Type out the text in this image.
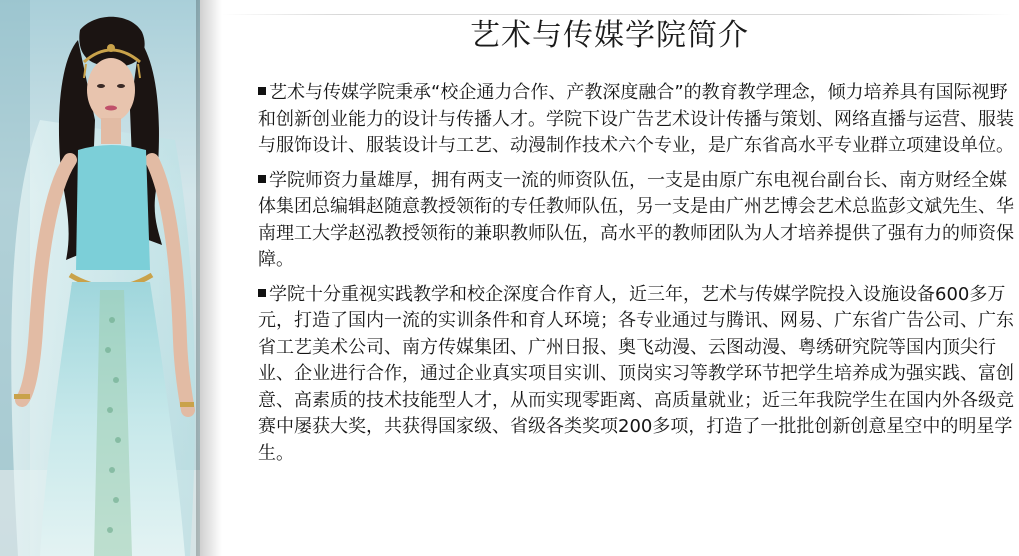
艺术与传媒学院简介

艺术与传媒学院秉承“校企通力合作、产教深度融合”的教育教学理念，倾力培养具有国际视野和创新创业能力的设计与传播人才。学院下设广告艺术设计传播与策划、网络直播与运营、服装与服饰设计、服装设计与工艺、动漫制作技术六个专业，是广东省高水平专业群立项建设单位。

学院师资力量雄厚，拥有两支一流的师资队伍，一支是由原广东电视台副台长、南方财经全媒体集团总编辑赵随意教授领衔的专任教师队伍，另一支是由广州艺博会艺术总监彭文斌先生、华南理工大学赵泓教授领衔的兼职教师队伍，高水平的教师团队为人才培养提供了强有力的师资保障。

学院十分重视实践教学和校企深度合作育人，近三年，艺术与传媒学院投入设施设备600多万元，打造了国内一流的实训条件和育人环境；各专业通过与腾讯、网易、广东省广告公司、广东省工艺美术公司、南方传媒集团、广州日报、奥飞动漫、云图动漫、粤绣研究院等国内顶尖行业、企业进行合作，通过企业真实项目实训、顶岗实习等教学环节把学生培养成为强实践、富创意、高素质的技术技能型人才，从而实现零距离、高质量就业；近三年我院学生在国内外各级竞赛中屡获大奖，共获得国家级、省级各类奖项200多项，打造了一批批创新创意星空中的明星学生。
